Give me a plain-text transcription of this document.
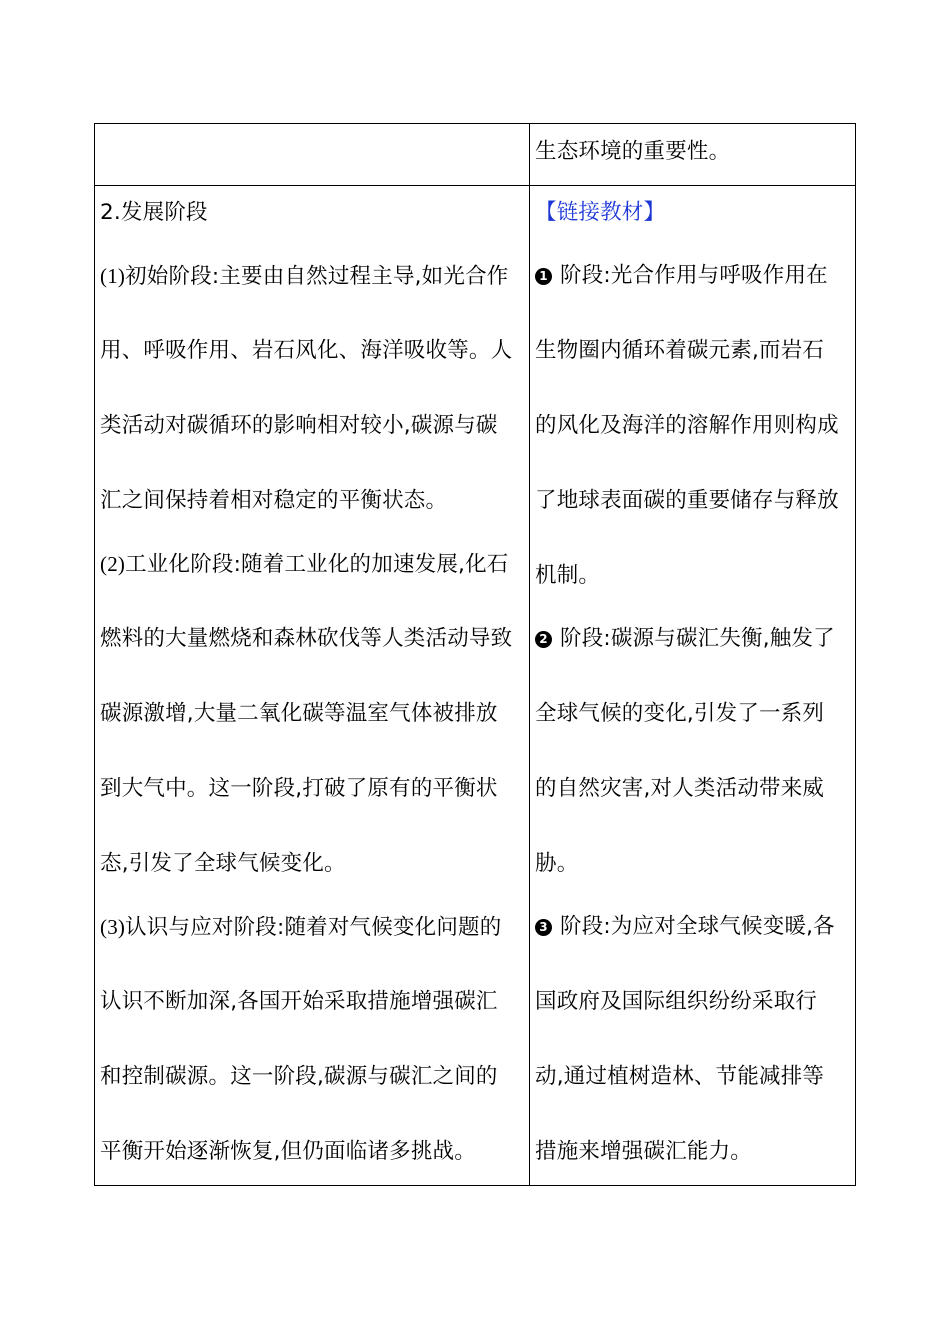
生态环境的重要性。
2.发展阶段
(1)初始阶段:主要由自然过程主导,如光合作
用、呼吸作用、岩石风化、海洋吸收等。人
类活动对碳循环的影响相对较小,碳源与碳
汇之间保持着相对稳定的平衡状态。
(2)工业化阶段:随着工业化的加速发展,化石
燃料的大量燃烧和森林砍伐等人类活动导致
碳源激增,大量二氧化碳等温室气体被排放
到大气中。这一阶段,打破了原有的平衡状
态,引发了全球气候变化。
(3)认识与应对阶段:随着对气候变化问题的
认识不断加深,各国开始采取措施增强碳汇
和控制碳源。这一阶段,碳源与碳汇之间的
平衡开始逐渐恢复,但仍面临诸多挑战。
【链接教材】
1 阶段:光合作用与呼吸作用在
生物圈内循环着碳元素,而岩石
的风化及海洋的溶解作用则构成
了地球表面碳的重要储存与释放
机制。
2 阶段:碳源与碳汇失衡,触发了
全球气候的变化,引发了一系列
的自然灾害,对人类活动带来威
胁。
3 阶段:为应对全球气候变暖,各
国政府及国际组织纷纷采取行
动,通过植树造林、节能减排等
措施来增强碳汇能力。
